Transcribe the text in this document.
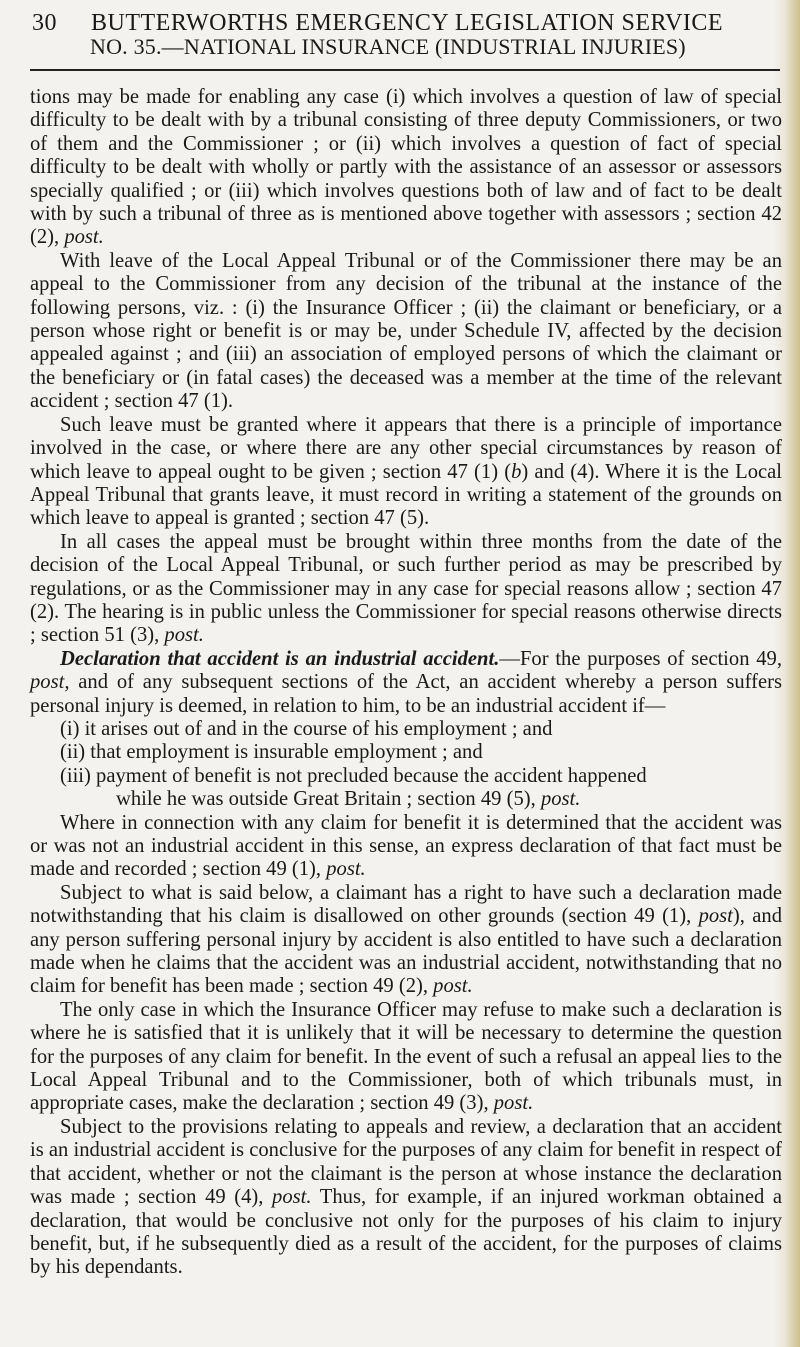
30 BUTTERWORTHS EMERGENCY LEGISLATION SERVICE
NO. 35.—NATIONAL INSURANCE (INDUSTRIAL INJURIES)

tions may be made for enabling any case (i) which involves a question of law of special difficulty to be dealt with by a tribunal consisting of three deputy Commissioners, or two of them and the Commissioner ; or (ii) which involves a question of fact of special difficulty to be dealt with wholly or partly with the assistance of an assessor or assessors specially qualified ; or (iii) which involves questions both of law and of fact to be dealt with by such a tribunal of three as is mentioned above together with assessors ; section 42 (2), post.

With leave of the Local Appeal Tribunal or of the Commissioner there may be an appeal to the Commissioner from any decision of the tribunal at the instance of the following persons, viz. : (i) the Insurance Officer ; (ii) the claimant or beneficiary, or a person whose right or benefit is or may be, under Schedule IV, affected by the decision appealed against ; and (iii) an association of employed persons of which the claimant or the beneficiary or (in fatal cases) the deceased was a member at the time of the relevant accident ; section 47 (1).

Such leave must be granted where it appears that there is a principle of importance involved in the case, or where there are any other special circumstances by reason of which leave to appeal ought to be given ; section 47 (1) (b) and (4). Where it is the Local Appeal Tribunal that grants leave, it must record in writing a statement of the grounds on which leave to appeal is granted ; section 47 (5).

In all cases the appeal must be brought within three months from the date of the decision of the Local Appeal Tribunal, or such further period as may be prescribed by regulations, or as the Commissioner may in any case for special reasons allow ; section 47 (2). The hearing is in public unless the Commissioner for special reasons otherwise directs ; section 51 (3), post.

Declaration that accident is an industrial accident.—For the purposes of section 49, post, and of any subsequent sections of the Act, an accident whereby a person suffers personal injury is deemed, in relation to him, to be an industrial accident if—

(i) it arises out of and in the course of his employment ; and
(ii) that employment is insurable employment ; and
(iii) payment of benefit is not precluded because the accident happened
while he was outside Great Britain ; section 49 (5), post.

Where in connection with any claim for benefit it is determined that the accident was or was not an industrial accident in this sense, an express declaration of that fact must be made and recorded ; section 49 (1), post.

Subject to what is said below, a claimant has a right to have such a declaration made notwithstanding that his claim is disallowed on other grounds (section 49 (1), post), and any person suffering personal injury by accident is also entitled to have such a declaration made when he claims that the accident was an industrial accident, notwithstanding that no claim for benefit has been made ; section 49 (2), post.

The only case in which the Insurance Officer may refuse to make such a declaration is where he is satisfied that it is unlikely that it will be necessary to determine the question for the purposes of any claim for benefit. In the event of such a refusal an appeal lies to the Local Appeal Tribunal and to the Commissioner, both of which tribunals must, in appropriate cases, make the declaration ; section 49 (3), post.

Subject to the provisions relating to appeals and review, a declaration that an accident is an industrial accident is conclusive for the purposes of any claim for benefit in respect of that accident, whether or not the claimant is the person at whose instance the declaration was made ; section 49 (4), post. Thus, for example, if an injured workman obtained a declaration, that would be conclusive not only for the purposes of his claim to injury benefit, but, if he subsequently died as a result of the accident, for the purposes of claims by his dependants.
